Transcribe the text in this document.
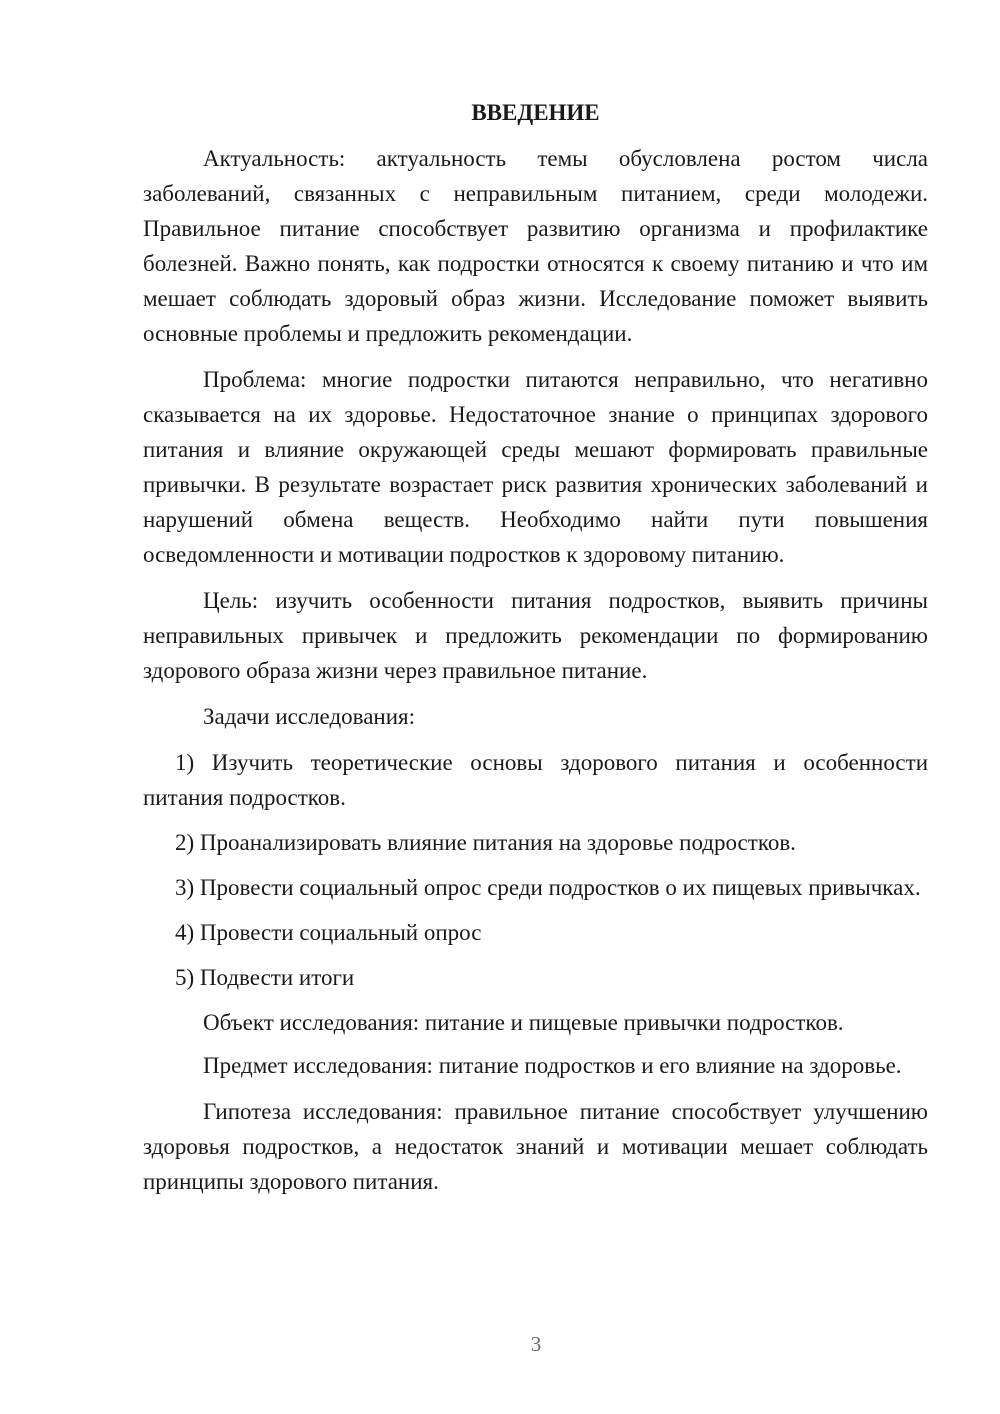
ВВЕДЕНИЕ

Актуальность: актуальность темы обусловлена ростом числа заболеваний, связанных с неправильным питанием, среди молодежи. Правильное питание способствует развитию организма и профилактике болезней. Важно понять, как подростки относятся к своему питанию и что им мешает соблюдать здоровый образ жизни. Исследование поможет выявить основные проблемы и предложить рекомендации.

Проблема: многие подростки питаются неправильно, что негативно сказывается на их здоровье. Недостаточное знание о принципах здорового питания и влияние окружающей среды мешают формировать правильные привычки. В результате возрастает риск развития хронических заболеваний и нарушений обмена веществ. Необходимо найти пути повышения осведомленности и мотивации подростков к здоровому питанию.

Цель: изучить особенности питания подростков, выявить причины неправильных привычек и предложить рекомендации по формированию здорового образа жизни через правильное питание.

Задачи исследования:

1) Изучить теоретические основы здорового питания и особенности питания подростков.

2) Проанализировать влияние питания на здоровье подростков.

3) Провести социальный опрос среди подростков о их пищевых привычках.

4) Провести социальный опрос

5) Подвести итоги

Объект исследования: питание и пищевые привычки подростков.

Предмет исследования: питание подростков и его влияние на здоровье.

Гипотеза исследования: правильное питание способствует улучшению здоровья подростков, а недостаток знаний и мотивации мешает соблюдать принципы здорового питания.

3
